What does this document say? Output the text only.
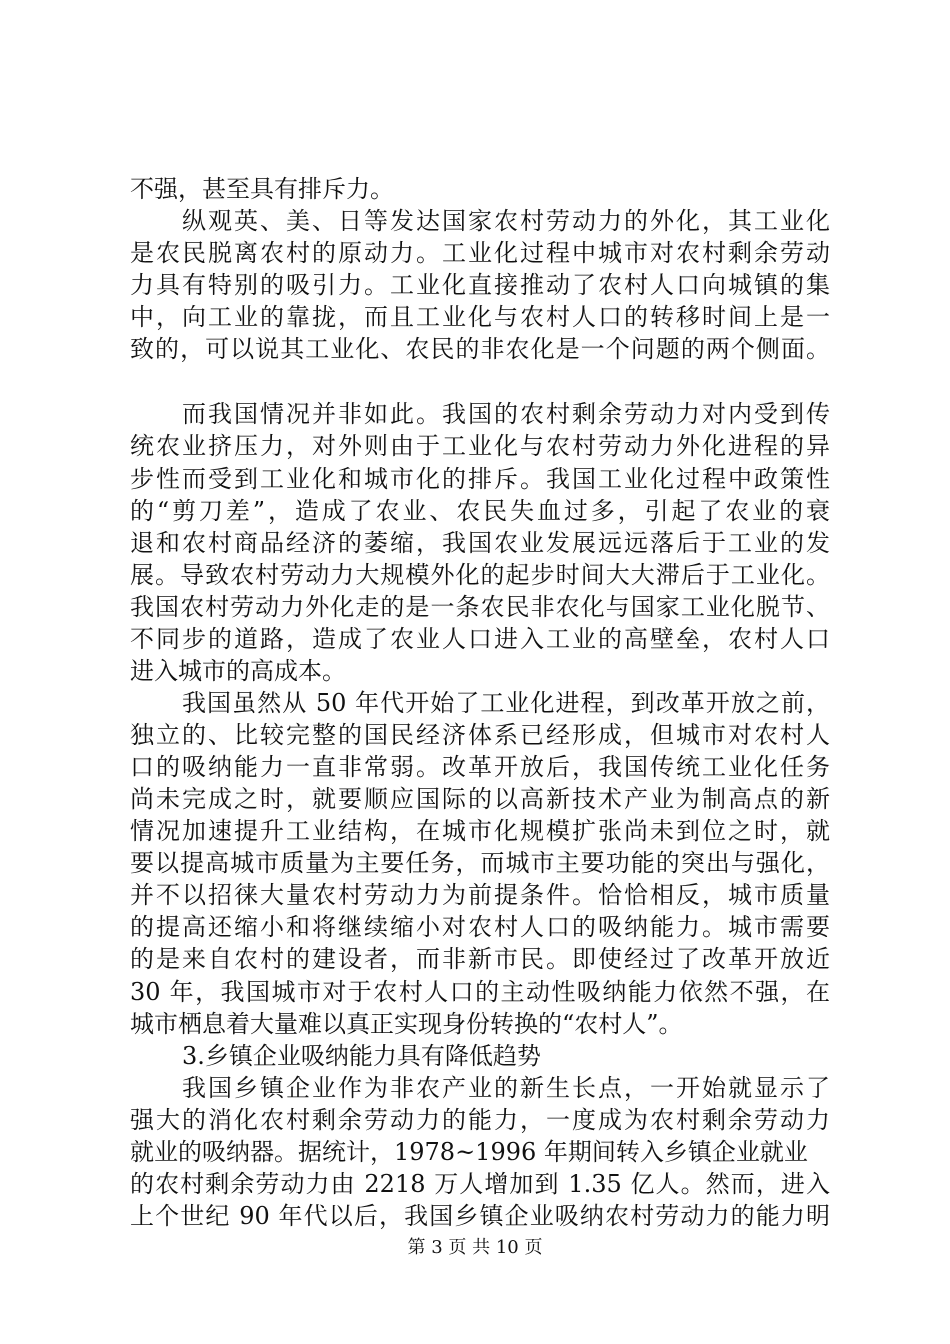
不强，甚至具有排斥力。
纵观英、美、日等发达国家农村劳动力的外化，其工业化
是农民脱离农村的原动力。工业化过程中城市对农村剩余劳动
力具有特别的吸引力。工业化直接推动了农村人口向城镇的集
中，向工业的靠拢，而且工业化与农村人口的转移时间上是一
致的，可以说其工业化、农民的非农化是一个问题的两个侧面。
而我国情况并非如此。我国的农村剩余劳动力对内受到传
统农业挤压力，对外则由于工业化与农村劳动力外化进程的异
步性而受到工业化和城市化的排斥。我国工业化过程中政策性
的“剪刀差”，造成了农业、农民失血过多，引起了农业的衰
退和农村商品经济的萎缩，我国农业发展远远落后于工业的发
展。导致农村劳动力大规模外化的起步时间大大滞后于工业化。
我国农村劳动力外化走的是一条农民非农化与国家工业化脱节、
不同步的道路，造成了农业人口进入工业的高壁垒，农村人口
进入城市的高成本。
我国虽然从 50 年代开始了工业化进程，到改革开放之前，
独立的、比较完整的国民经济体系已经形成，但城市对农村人
口的吸纳能力一直非常弱。改革开放后，我国传统工业化任务
尚未完成之时，就要顺应国际的以高新技术产业为制高点的新
情况加速提升工业结构，在城市化规模扩张尚未到位之时，就
要以提高城市质量为主要任务，而城市主要功能的突出与强化，
并不以招徕大量农村劳动力为前提条件。恰恰相反，城市质量
的提高还缩小和将继续缩小对农村人口的吸纳能力。城市需要
的是来自农村的建设者，而非新市民。即使经过了改革开放近
30 年，我国城市对于农村人口的主动性吸纳能力依然不强，在
城市栖息着大量难以真正实现身份转换的“农村人”。
3.乡镇企业吸纳能力具有降低趋势
我国乡镇企业作为非农产业的新生长点，一开始就显示了
强大的消化农村剩余劳动力的能力，一度成为农村剩余劳动力
就业的吸纳器。据统计，1978~1996 年期间转入乡镇企业就业
第 3 页 共 10 页
的农村剩余劳动力由 2218 万人增加到 1.35 亿人。然而，进入
上个世纪 90 年代以后，我国乡镇企业吸纳农村劳动力的能力明
